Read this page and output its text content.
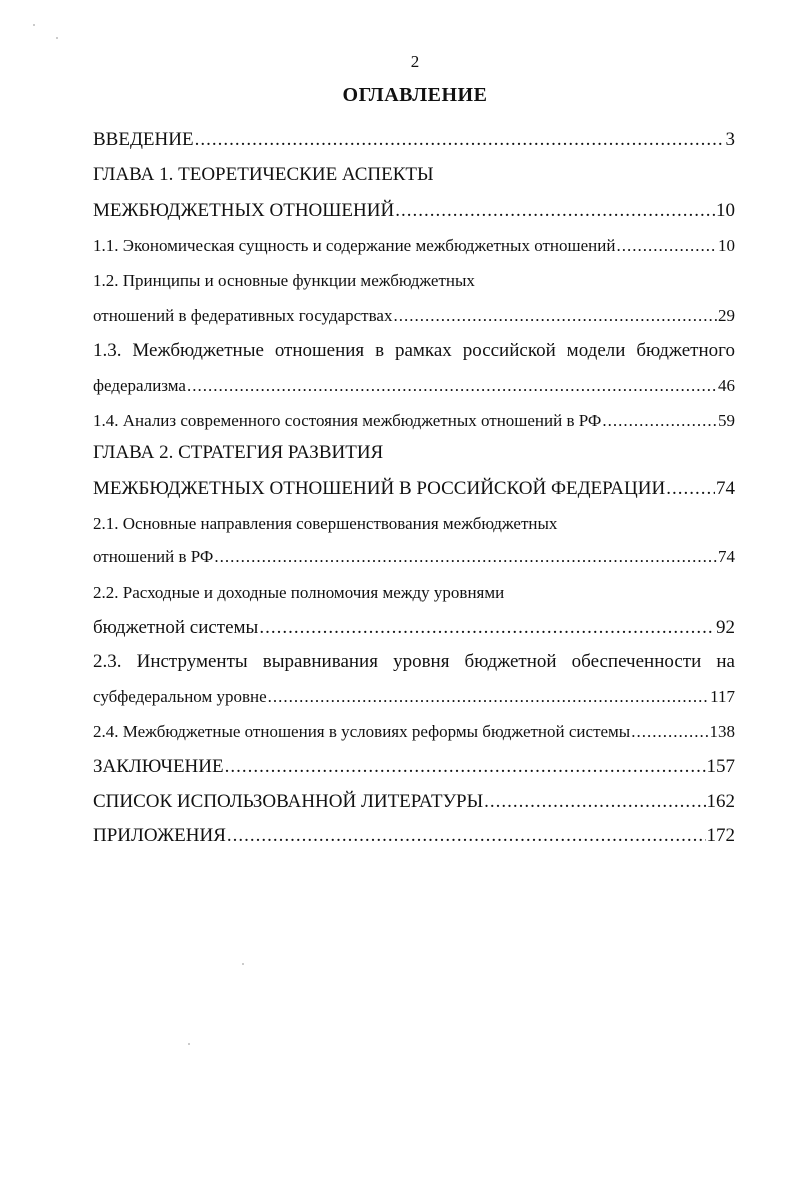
2
ОГЛАВЛЕНИЕ
ВВЕДЕНИЕ .....	3
ГЛАВА 1. ТЕОРЕТИЧЕСКИЕ АСПЕКТЫ
МЕЖБЮДЖЕТНЫХ ОТНОШЕНИЙ .....	10
1.1. Экономическая сущность и содержание межбюджетных отношений .....	10
1.2. Принципы и основные функции межбюджетных
отношений в федеративных государствах .....	29
1.3. Межбюджетные отношения в рамках российской модели бюджетного
федерализма .....	46
1.4. Анализ современного состояния межбюджетных отношений в РФ .....	59
ГЛАВА 2. СТРАТЕГИЯ РАЗВИТИЯ
МЕЖБЮДЖЕТНЫХ ОТНОШЕНИЙ В РОССИЙСКОЙ ФЕДЕРАЦИИ .....	74
2.1. Основные направления совершенствования межбюджетных
отношений в РФ .....	74
2.2. Расходные и доходные полномочия между уровнями
бюджетной системы .....	92
2.3. Инструменты выравнивания уровня бюджетной обеспеченности на
субфедеральном уровне .....	117
2.4. Межбюджетные отношения в условиях реформы бюджетной системы .....	138
ЗАКЛЮЧЕНИЕ .....	157
СПИСОК ИСПОЛЬЗОВАННОЙ ЛИТЕРАТУРЫ .....	162
ПРИЛОЖЕНИЯ .....	172
